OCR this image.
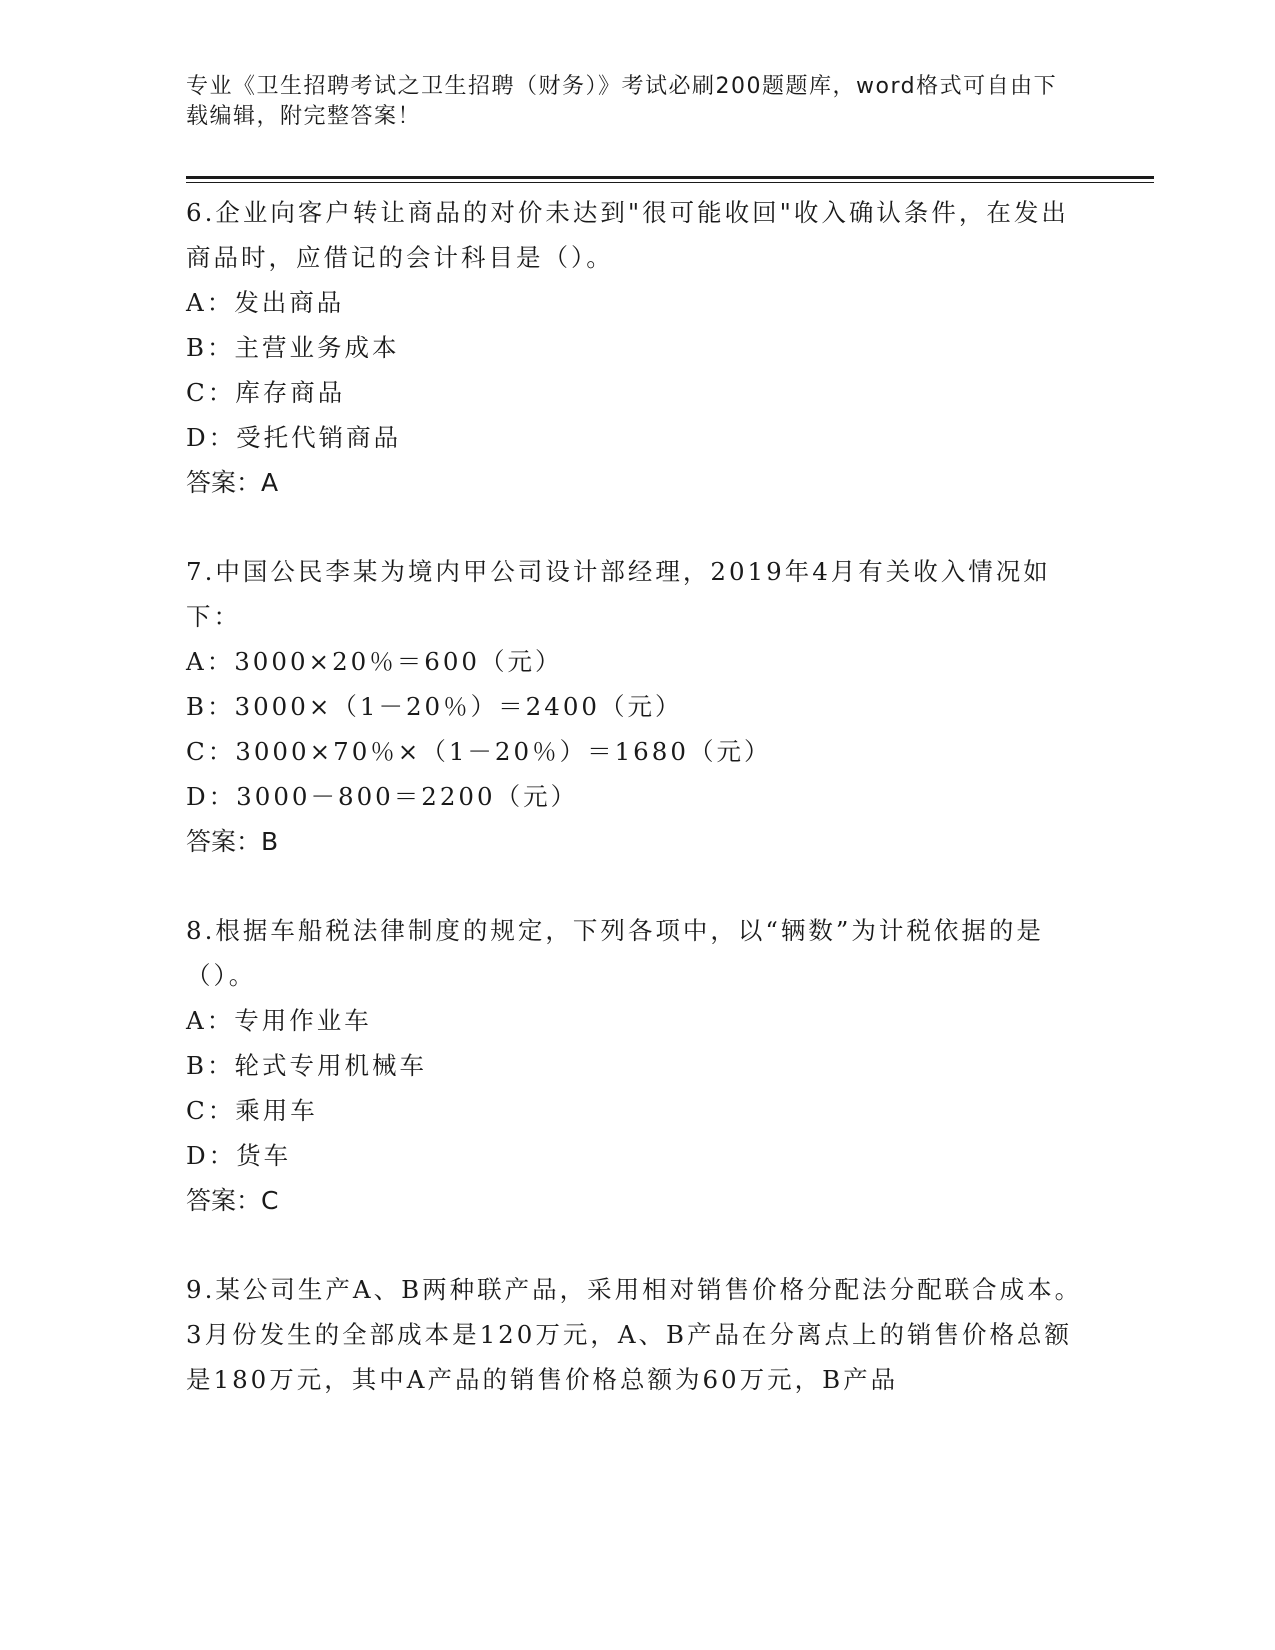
专业《卫生招聘考试之卫生招聘（财务）》考试必刷200题题库，word格式可自由下载编辑，附完整答案！

6.企业向客户转让商品的对价未达到"很可能收回"收入确认条件，在发出商品时，应借记的会计科目是（）。

A：发出商品

B：主营业务成本

C：库存商品

D：受托代销商品

答案：A

7.中国公民李某为境内甲公司设计部经理，2019年4月有关收入情况如下：

A：3000×20％＝600（元）

B：3000×（1－20％）＝2400（元）

C：3000×70％×（1－20％）＝1680（元）

D：3000－800＝2200（元）

答案：B

8.根据车船税法律制度的规定，下列各项中，以“辆数”为计税依据的是（）。

A：专用作业车

B：轮式专用机械车

C：乘用车

D：货车

答案：C

9.某公司生产A、B两种联产品，采用相对销售价格分配法分配联合成本。3月份发生的全部成本是120万元，A、B产品在分离点上的销售价格总额是180万元，其中A产品的销售价格总额为60万元，B产品
